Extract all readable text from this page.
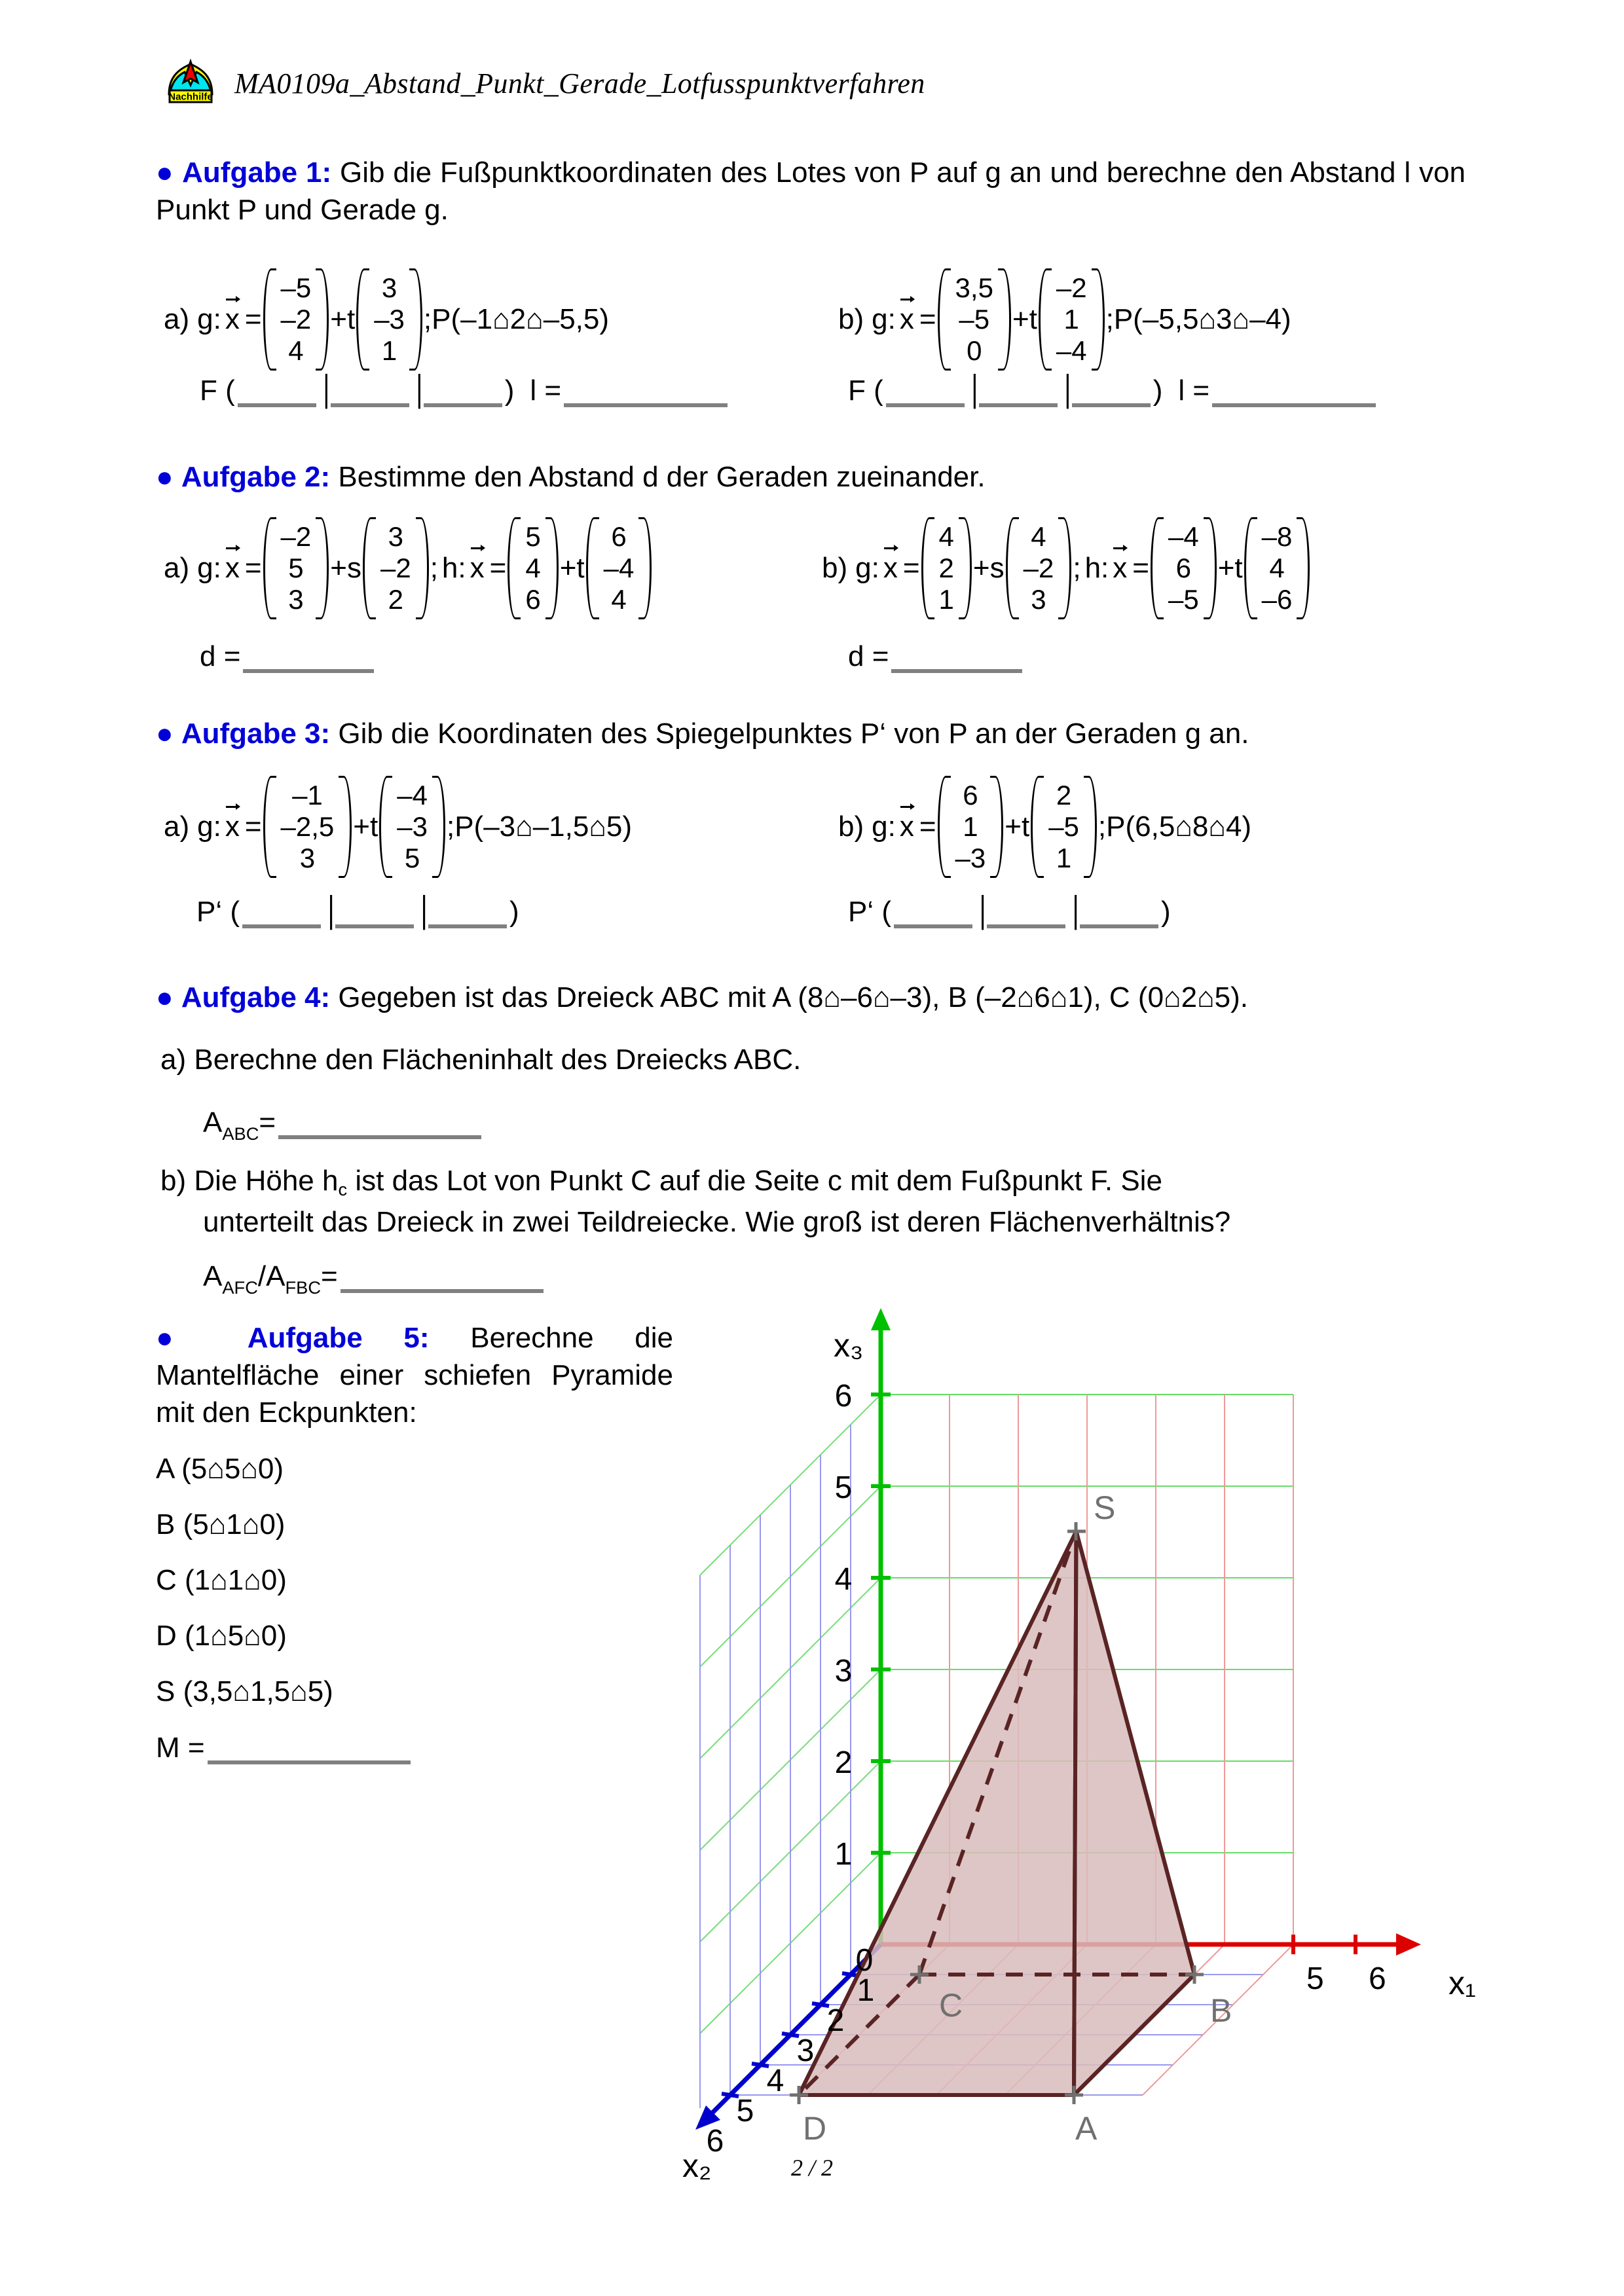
Nachhilfe MA0109a_Abstand_Punkt_Gerade_Lotfusspunktverfahren
● Aufgabe 1: Gib die Fußpunktkoordinaten des Lotes von P auf g an und berechne den Abstand l von Punkt P und Gerade g.
a) g : x =
–5
–2
4
+ t
3
–3
1
; P(–1⌂2⌂–5,5)	b) g : x =
3,5
–5
0
+ t
–2
1
–4
; P(–5,5⌂3⌂–4)
F (	│	│	) l =	F (	│	│	) l =
● Aufgabe 2: Bestimme den Abstand d der Geraden zueinander.
a) g : x =
–2
5
3
+ s
3
–2
2
; h : x =
5
4
6
+ t
6
–4
4
b) g : x =
4
2
1
+ s
4
–2
3
; h : x =
–4
6
–5
+ t
–8
4
–6
d =	d =
● Aufgabe 3: Gib die Koordinaten des Spiegelpunktes P‘ von P an der Geraden g an.
a) g : x =
–1
–2,5
3
+ t
–4
–3
5
; P(–3⌂–1,5⌂5)	b) g : x =
6
1
–3
+ t
2
–5
1
; P(6,5⌂8⌂4)
P‘ (	│	│	)	P‘ (	│	│	)
● Aufgabe 4: Gegeben ist das Dreieck ABC mit A (8⌂–6⌂–3), B (–2⌂6⌂1), C (0⌂2⌂5).
a) Berechne den Flächeninhalt des Dreiecks ABC.
$A_{ABC}$ =
b) Die Höhe $h_c$ ist das Lot von Punkt C auf die Seite c mit dem Fußpunkt F. Sie
unterteilt das Dreieck in zwei Teildreiecke. Wie groß ist deren Flächenverhältnis?
$A_{AFC} / A_{FBC}$ =
● Aufgabe 5: Berechne die Mantelfläche einer schiefen Pyramide mit den Eckpunkten:
A (5⌂5⌂0)
B (5⌂1⌂0)
C (1⌂1⌂0)
D (1⌂5⌂0)
S (3,5⌂1,5⌂5)
M =
x₃
x₁
x₂
6
5
4
3
2
1
0
1
2
3
4
5
6
5 6
S
C	B
A
D
2 / 2
